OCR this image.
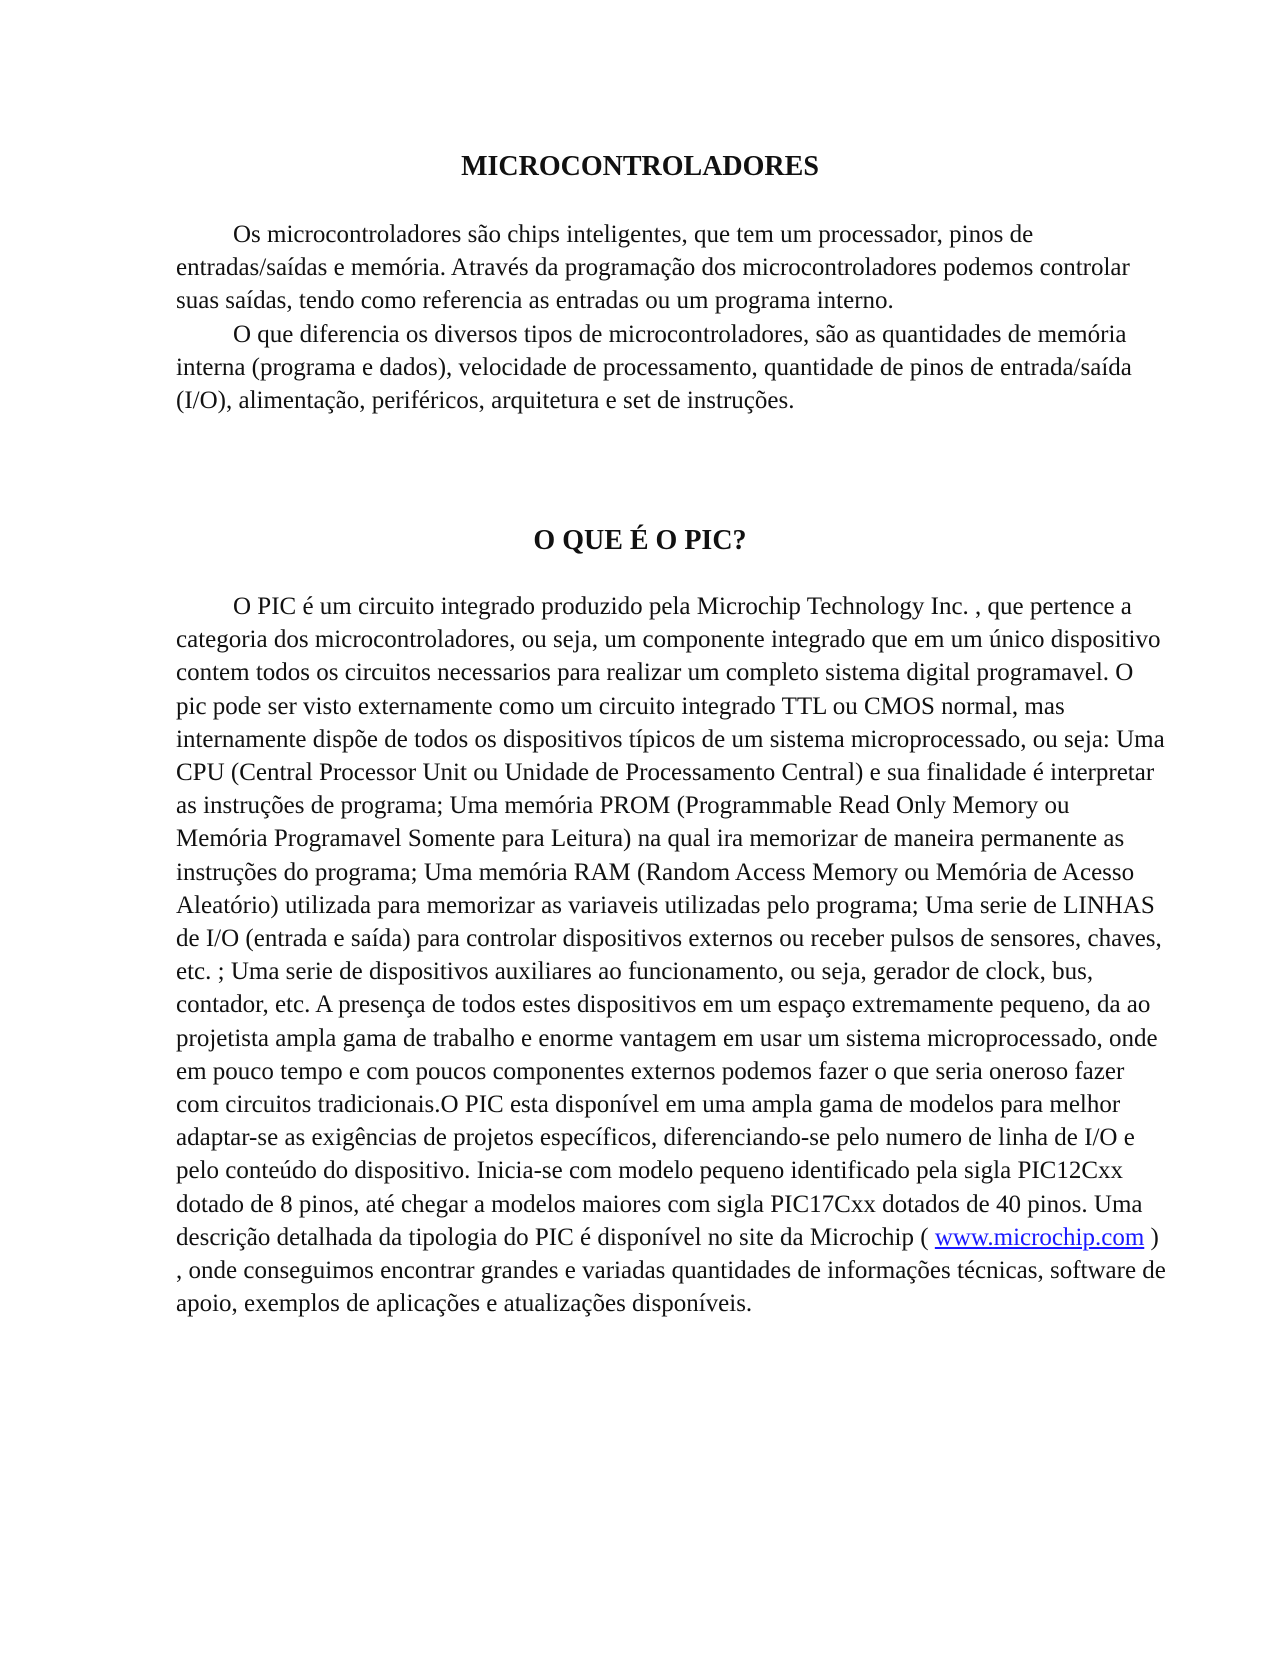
MICROCONTROLADORES

Os microcontroladores são chips inteligentes, que tem um processador, pinos de entradas/saídas e memória. Através da programação dos microcontroladores podemos controlar suas saídas, tendo como referencia as entradas ou um programa interno.

O que diferencia os diversos tipos de microcontroladores, são as quantidades de memória interna (programa e dados), velocidade de processamento, quantidade de pinos de entrada/saída (I/O), alimentação, periféricos, arquitetura e set de instruções.

O QUE É O PIC?

O PIC é um circuito integrado produzido pela Microchip Technology Inc. , que pertence a categoria dos microcontroladores, ou seja, um componente integrado que em um único dispositivo contem todos os circuitos necessarios para realizar um completo sistema digital programavel. O pic pode ser visto externamente como um circuito integrado TTL ou CMOS normal, mas internamente dispõe de todos os dispositivos típicos de um sistema microprocessado, ou seja: Uma CPU (Central Processor Unit ou Unidade de Processamento Central) e sua finalidade é interpretar as instruções de programa; Uma memória PROM (Programmable Read Only Memory ou Memória Programavel Somente para Leitura) na qual ira memorizar de maneira permanente as instruções do programa; Uma memória RAM (Random Access Memory ou Memória de Acesso Aleatório) utilizada para memorizar as variaveis utilizadas pelo programa; Uma serie de LINHAS de I/O (entrada e saída) para controlar dispositivos externos ou receber pulsos de sensores, chaves, etc. ; Uma serie de dispositivos auxiliares ao funcionamento, ou seja, gerador de clock, bus, contador, etc. A presença de todos estes dispositivos em um espaço extremamente pequeno, da ao projetista ampla gama de trabalho e enorme vantagem em usar um sistema microprocessado, onde em pouco tempo e com poucos componentes externos podemos fazer o que seria oneroso fazer com circuitos tradicionais.O PIC esta disponível em uma ampla gama de modelos para melhor adaptar-se as exigências de projetos específicos, diferenciando-se pelo numero de linha de I/O e pelo conteúdo do dispositivo. Inicia-se com modelo pequeno identificado pela sigla PIC12Cxx dotado de 8 pinos, até chegar a modelos maiores com sigla PIC17Cxx dotados de 40 pinos. Uma descrição detalhada da tipologia do PIC é disponível no site da Microchip ( www.microchip.com ) , onde conseguimos encontrar grandes e variadas quantidades de informações técnicas, software de apoio, exemplos de aplicações e atualizações disponíveis.
